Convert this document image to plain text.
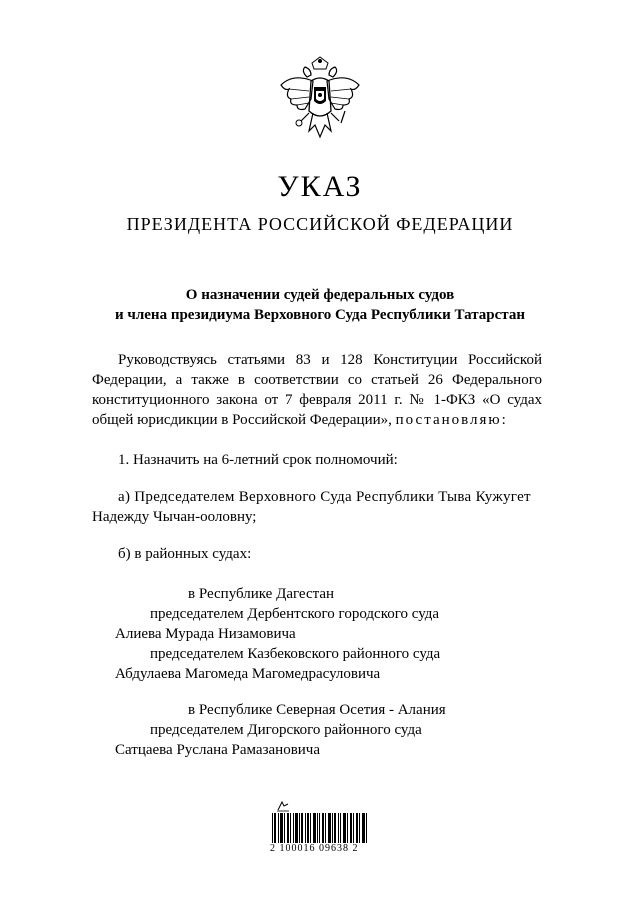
УКАЗ
ПРЕЗИДЕНТА РОССИЙСКОЙ ФЕДЕРАЦИИ
О назначении судей федеральных судов
и члена президиума Верховного Суда Республики Татарстан
Руководствуясь статьями 83 и 128 Конституции Российской Федерации, а также в соответствии со статьей 26 Федерального конституционного закона от 7 февраля 2011 г. № 1-ФКЗ «О судах общей юрисдикции в Российской Федерации», постановляю:
1. Назначить на 6-летний срок полномочий:
а) Председателем Верховного Суда Республики Тыва Кужугет
Надежду Чычан-ооловну;
б) в районных судах:
в Республике Дагестан
председателем Дербентского городского суда
Алиева Мурада Низамовича
председателем Казбековского районного суда
Абдулаева Магомеда Магомедрасуловича
в Республике Северная Осетия - Алания
председателем Дигорского районного суда
Сатцаева Руслана Рамазановича
2 100016 09638 2
